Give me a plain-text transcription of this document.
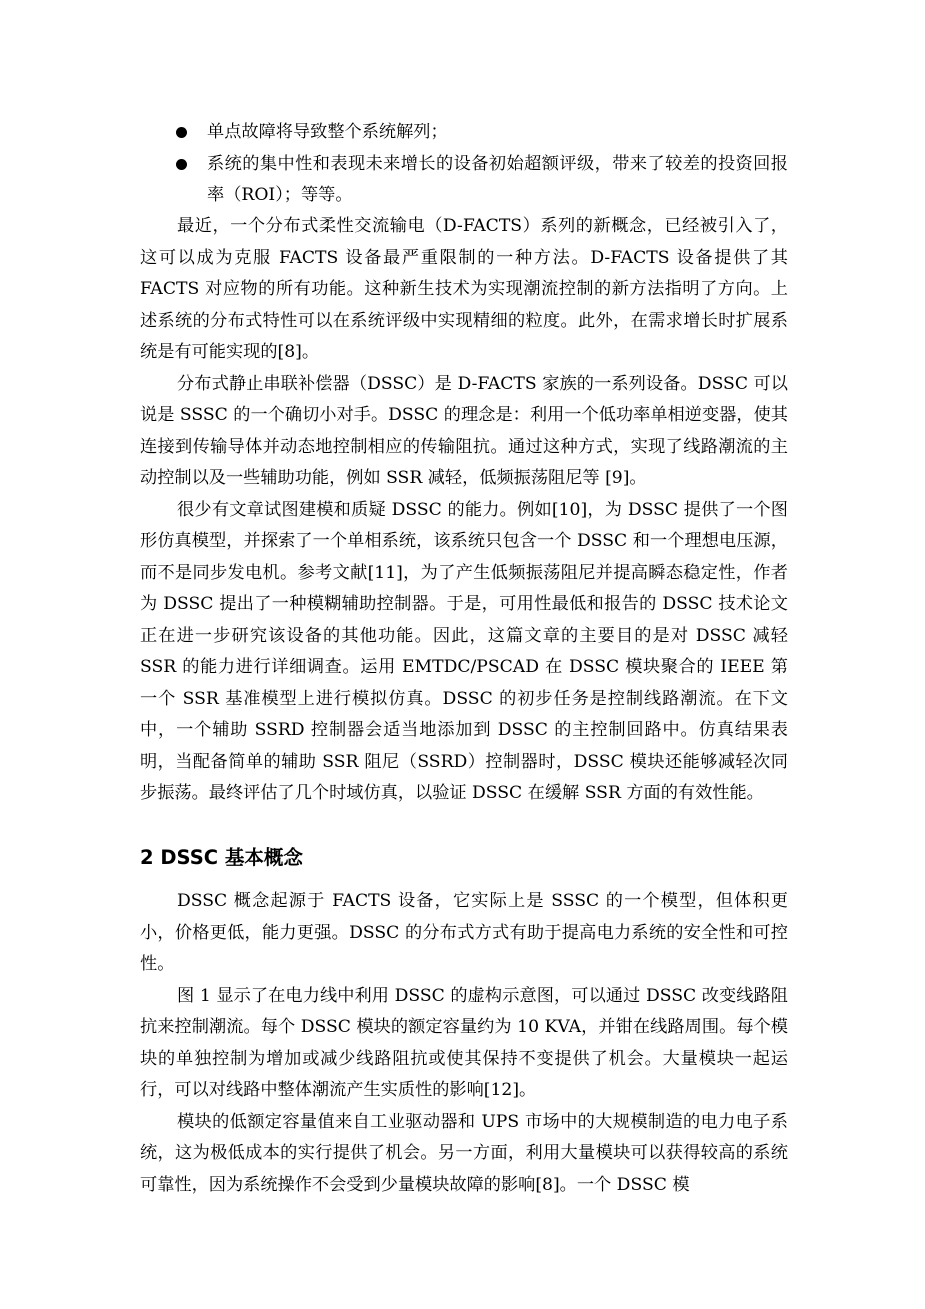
单点故障将导致整个系统解列；
系统的集中性和表现未来增长的设备初始超额评级，带来了较差的投资回报率（ROI）；等等。

最近，一个分布式柔性交流输电（D-FACTS）系列的新概念，已经被引入了，这可以成为克服 FACTS 设备最严重限制的一种方法。D-FACTS 设备提供了其 FACTS 对应物的所有功能。这种新生技术为实现潮流控制的新方法指明了方向。上述系统的分布式特性可以在系统评级中实现精细的粒度。此外，在需求增长时扩展系统是有可能实现的[8]。

分布式静止串联补偿器（DSSC）是 D-FACTS 家族的一系列设备。DSSC 可以说是 SSSC 的一个确切小对手。DSSC 的理念是：利用一个低功率单相逆变器，使其连接到传输导体并动态地控制相应的传输阻抗。通过这种方式，实现了线路潮流的主动控制以及一些辅助功能，例如 SSR 减轻，低频振荡阻尼等 [9]。

很少有文章试图建模和质疑 DSSC 的能力。例如[10]，为 DSSC 提供了一个图形仿真模型，并探索了一个单相系统，该系统只包含一个 DSSC 和一个理想电压源，而不是同步发电机。参考文献[11]，为了产生低频振荡阻尼并提高瞬态稳定性，作者为 DSSC 提出了一种模糊辅助控制器。于是，可用性最低和报告的 DSSC 技术论文正在进一步研究该设备的其他功能。因此，这篇文章的主要目的是对 DSSC 减轻 SSR 的能力进行详细调查。运用 EMTDC/PSCAD 在 DSSC 模块聚合的 IEEE 第一个 SSR 基准模型上进行模拟仿真。DSSC 的初步任务是控制线路潮流。在下文中，一个辅助 SSRD 控制器会适当地添加到 DSSC 的主控制回路中。仿真结果表明，当配备简单的辅助 SSR 阻尼（SSRD）控制器时，DSSC 模块还能够减轻次同步振荡。最终评估了几个时域仿真，以验证 DSSC 在缓解 SSR 方面的有效性能。

2 DSSC 基本概念

DSSC 概念起源于 FACTS 设备，它实际上是 SSSC 的一个模型，但体积更小，价格更低，能力更强。DSSC 的分布式方式有助于提高电力系统的安全性和可控性。

图 1 显示了在电力线中利用 DSSC 的虚构示意图，可以通过 DSSC 改变线路阻抗来控制潮流。每个 DSSC 模块的额定容量约为 10 KVA，并钳在线路周围。每个模块的单独控制为增加或减少线路阻抗或使其保持不变提供了机会。大量模块一起运行，可以对线路中整体潮流产生实质性的影响[12]。

模块的低额定容量值来自工业驱动器和 UPS 市场中的大规模制造的电力电子系统，这为极低成本的实行提供了机会。另一方面，利用大量模块可以获得较高的系统可靠性，因为系统操作不会受到少量模块故障的影响[8]。一个 DSSC 模
